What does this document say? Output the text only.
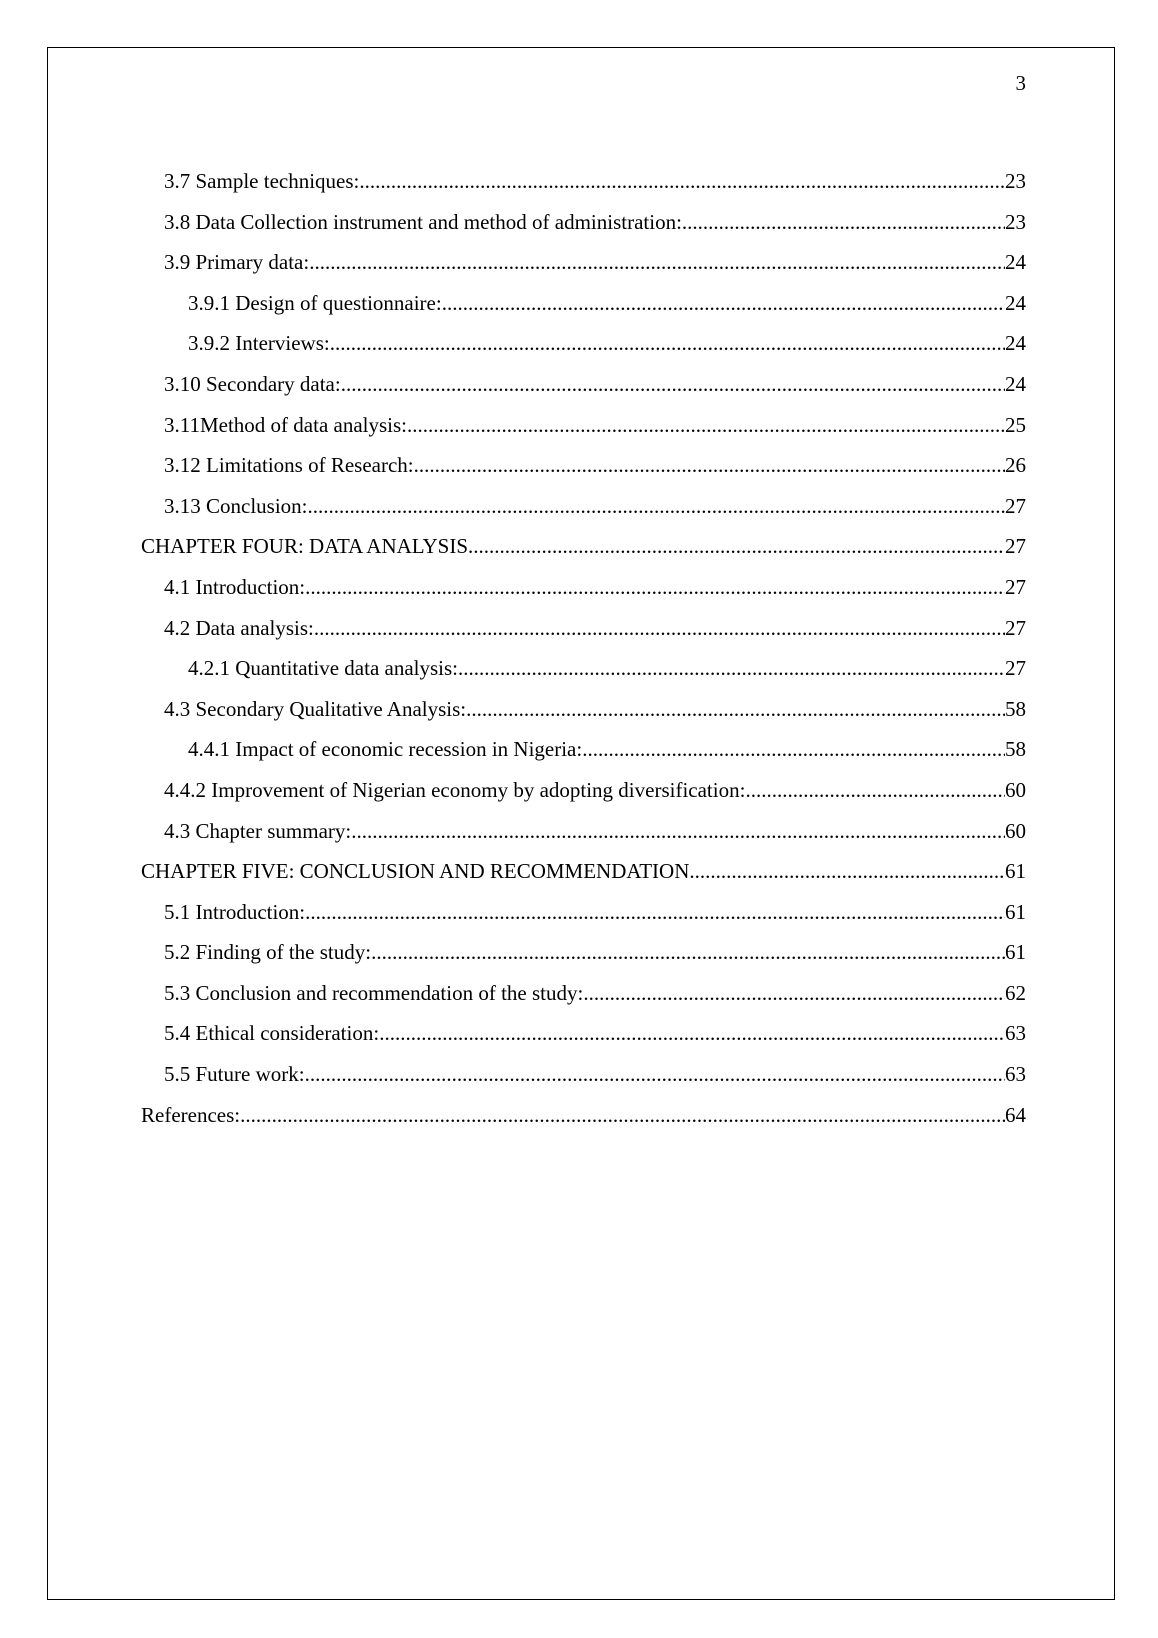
3
3.7 Sample techniques: .....	23
3.8 Data Collection instrument and method of administration: .....	23
3.9 Primary data: .....	24
3.9.1 Design of questionnaire: .....	24
3.9.2 Interviews: .....	24
3.10 Secondary data: .....	24
3.11Method of data analysis: .....	25
3.12 Limitations of Research: .....	26
3.13 Conclusion: .....	27
CHAPTER FOUR: DATA ANALYSIS .....	27
4.1 Introduction: .....	27
4.2 Data analysis: .....	27
4.2.1 Quantitative data analysis: .....	27
4.3 Secondary Qualitative Analysis: .....	58
4.4.1 Impact of economic recession in Nigeria: .....	58
4.4.2 Improvement of Nigerian economy by adopting diversification: .....	60
4.3 Chapter summary: .....	60
CHAPTER FIVE: CONCLUSION AND RECOMMENDATION .....	61
5.1 Introduction: .....	61
5.2 Finding of the study: .....	61
5.3 Conclusion and recommendation of the study: .....	62
5.4 Ethical consideration: .....	63
5.5 Future work: .....	63
References: .....	64
